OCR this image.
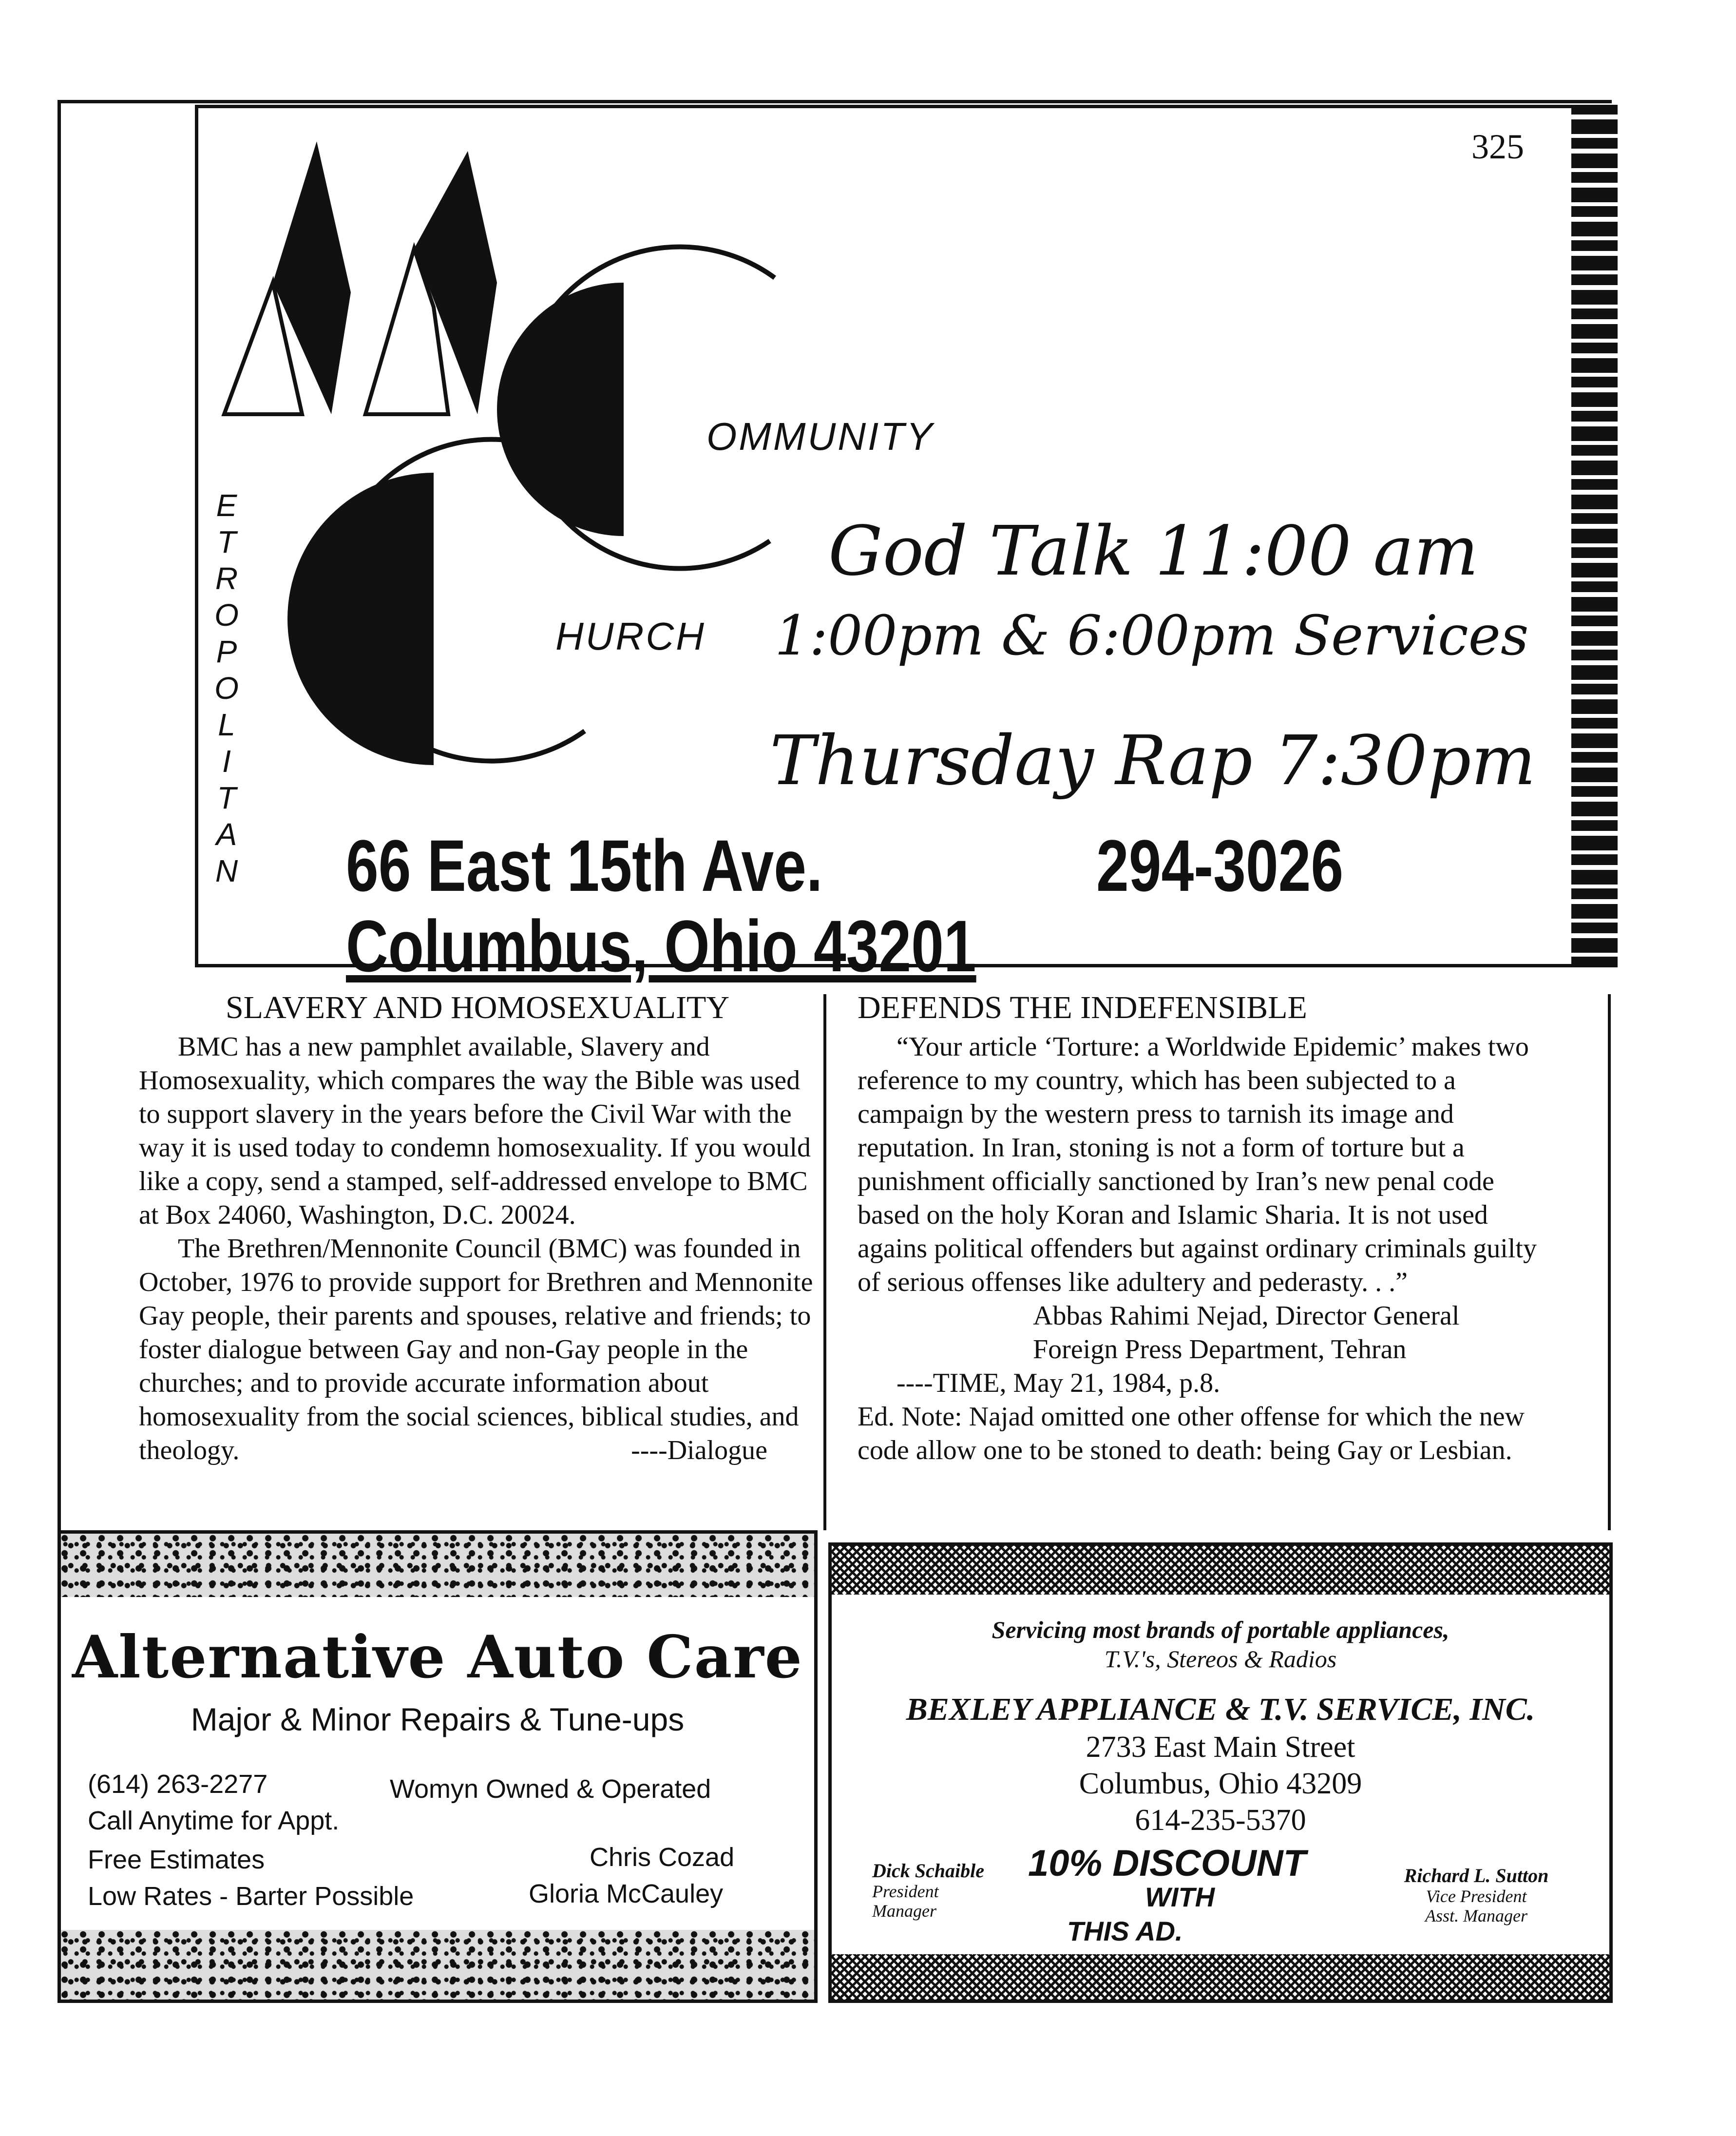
325
E
T
R
O
P
O
L
I
T
A
N
OMMUNITY
HURCH
God Talk 11:00 am
1:00pm & 6:00pm Services
Thursday Rap 7:30pm
66 East 15th Ave.	294-3026
Columbus, Ohio 43201
SLAVERY AND HOMOSEXUALITY

BMC has a new pamphlet available, Slavery and Homosexuality, which compares the way the Bible was used to support slavery in the years before the Civil War with the way it is used today to condemn homosexuality. If you would like a copy, send a stamped, self-addressed envelope to BMC at Box 24060, Washington, D.C. 20024.

The Brethren/Mennonite Council (BMC) was founded in October, 1976 to provide support for Brethren and Mennonite Gay people, their parents and spouses, relative and friends; to foster dialogue between Gay and non-Gay people in the churches; and to provide accurate information about homosexuality from the social sciences, biblical studies, and theology.	----Dialogue
DEFENDS THE INDEFENSIBLE

“Your article ‘Torture: a Worldwide Epidemic’ makes two reference to my country, which has been subjected to a campaign by the western press to tarnish its image and reputation. In Iran, stoning is not a form of torture but a punishment officially sanctioned by Iran’s new penal code based on the holy Koran and Islamic Sharia. It is not used agains political offenders but against ordinary criminals guilty of serious offenses like adultery and pederasty. . .”

Abbas Rahimi Nejad, Director General
Foreign Press Department, Tehran
----TIME, May 21, 1984, p.8.

Ed. Note: Najad omitted one other offense for which the new code allow one to be stoned to death: being Gay or Lesbian.

Alternative Auto Care
Major & Minor Repairs & Tune-ups
(614) 263-2277	Womyn Owned & Operated
Call Anytime for Appt.
Free Estimates	Chris Cozad
Low Rates - Barter Possible	Gloria McCauley
Servicing most brands of portable appliances,
T.V.'s, Stereos & Radios
BEXLEY APPLIANCE & T.V. SERVICE, INC.
2733 East Main Street
Columbus, Ohio 43209
614-235-5370
Dick Schaible
President
Manager
10% DISCOUNT
WITH
THIS AD.
Richard L. Sutton
Vice President
Asst. Manager
